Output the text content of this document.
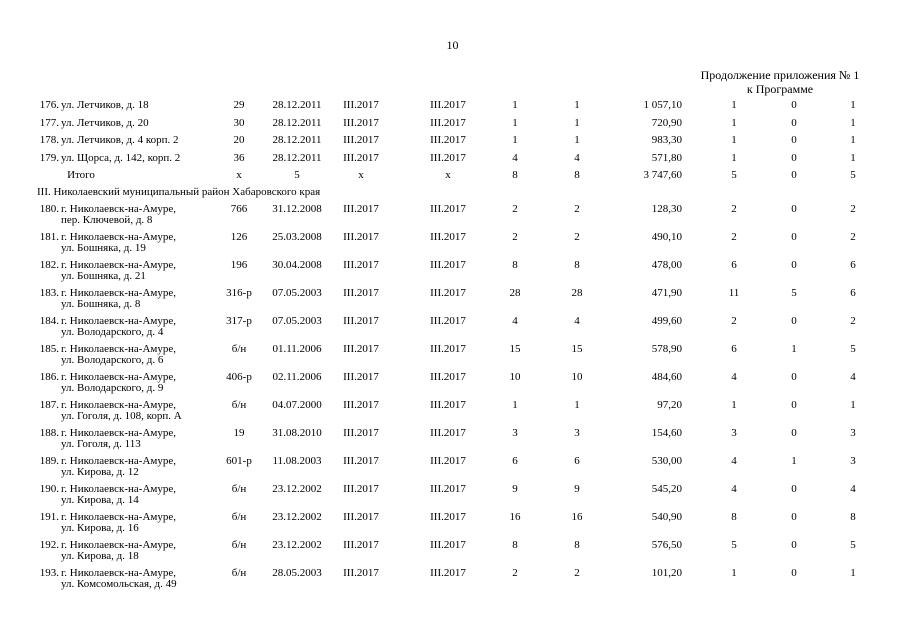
10
Продолжение приложения № 1
к Программе
176. ул. Летчиков, д. 18	29	28.12.2011	III.2017	III.2017	1	1	1 057,10	1	0	1
177. ул. Летчиков, д. 20	30	28.12.2011	III.2017	III.2017	1	1	720,90	1	0	1
178. ул. Летчиков, д. 4 корп. 2	20	28.12.2011	III.2017	III.2017	1	1	983,30	1	0	1
179. ул. Щорса, д. 142, корп. 2	36	28.12.2011	III.2017	III.2017	4	4	571,80	1	0	1
Итого	х	5	х	х	8	8	3 747,60	5	0	5
III. Николаевский муниципальный район Хабаровского края
180. г. Николаевск-на-Амуре,
пер. Ключевой, д. 8
766	31.12.2008	III.2017	III.2017	2	2	128,30	2	0	2
181. г. Николаевск-на-Амуре,
ул. Бошняка, д. 19
126	25.03.2008	III.2017	III.2017	2	2	490,10	2	0	2
182. г. Николаевск-на-Амуре,
ул. Бошняка, д. 21
196	30.04.2008	III.2017	III.2017	8	8	478,00	6	0	6
183. г. Николаевск-на-Амуре,
ул. Бошняка, д. 8
316-р	07.05.2003	III.2017	III.2017	28	28	471,90	11	5	6
184. г. Николаевск-на-Амуре,
ул. Володарского, д. 4
317-р	07.05.2003	III.2017	III.2017	4	4	499,60	2	0	2
185. г. Николаевск-на-Амуре,
ул. Володарского, д. 6
б/н	01.11.2006	III.2017	III.2017	15	15	578,90	6	1	5
186. г. Николаевск-на-Амуре,
ул. Володарского, д. 9
406-р	02.11.2006	III.2017	III.2017	10	10	484,60	4	0	4
187. г. Николаевск-на-Амуре,
ул. Гоголя, д. 108, корп. А
б/н	04.07.2000	III.2017	III.2017	1	1	97,20	1	0	1
188. г. Николаевск-на-Амуре,
ул. Гоголя, д. 113
19	31.08.2010	III.2017	III.2017	3	3	154,60	3	0	3
189. г. Николаевск-на-Амуре,
ул. Кирова, д. 12
601-р	11.08.2003	III.2017	III.2017	6	6	530,00	4	1	3
190. г. Николаевск-на-Амуре,
ул. Кирова, д. 14
б/н	23.12.2002	III.2017	III.2017	9	9	545,20	4	0	4
191. г. Николаевск-на-Амуре,
ул. Кирова, д. 16
б/н	23.12.2002	III.2017	III.2017	16	16	540,90	8	0	8
192. г. Николаевск-на-Амуре,
ул. Кирова, д. 18
б/н	23.12.2002	III.2017	III.2017	8	8	576,50	5	0	5
193. г. Николаевск-на-Амуре,
ул. Комсомольская, д. 49
б/н	28.05.2003	III.2017	III.2017	2	2	101,20	1	0	1
